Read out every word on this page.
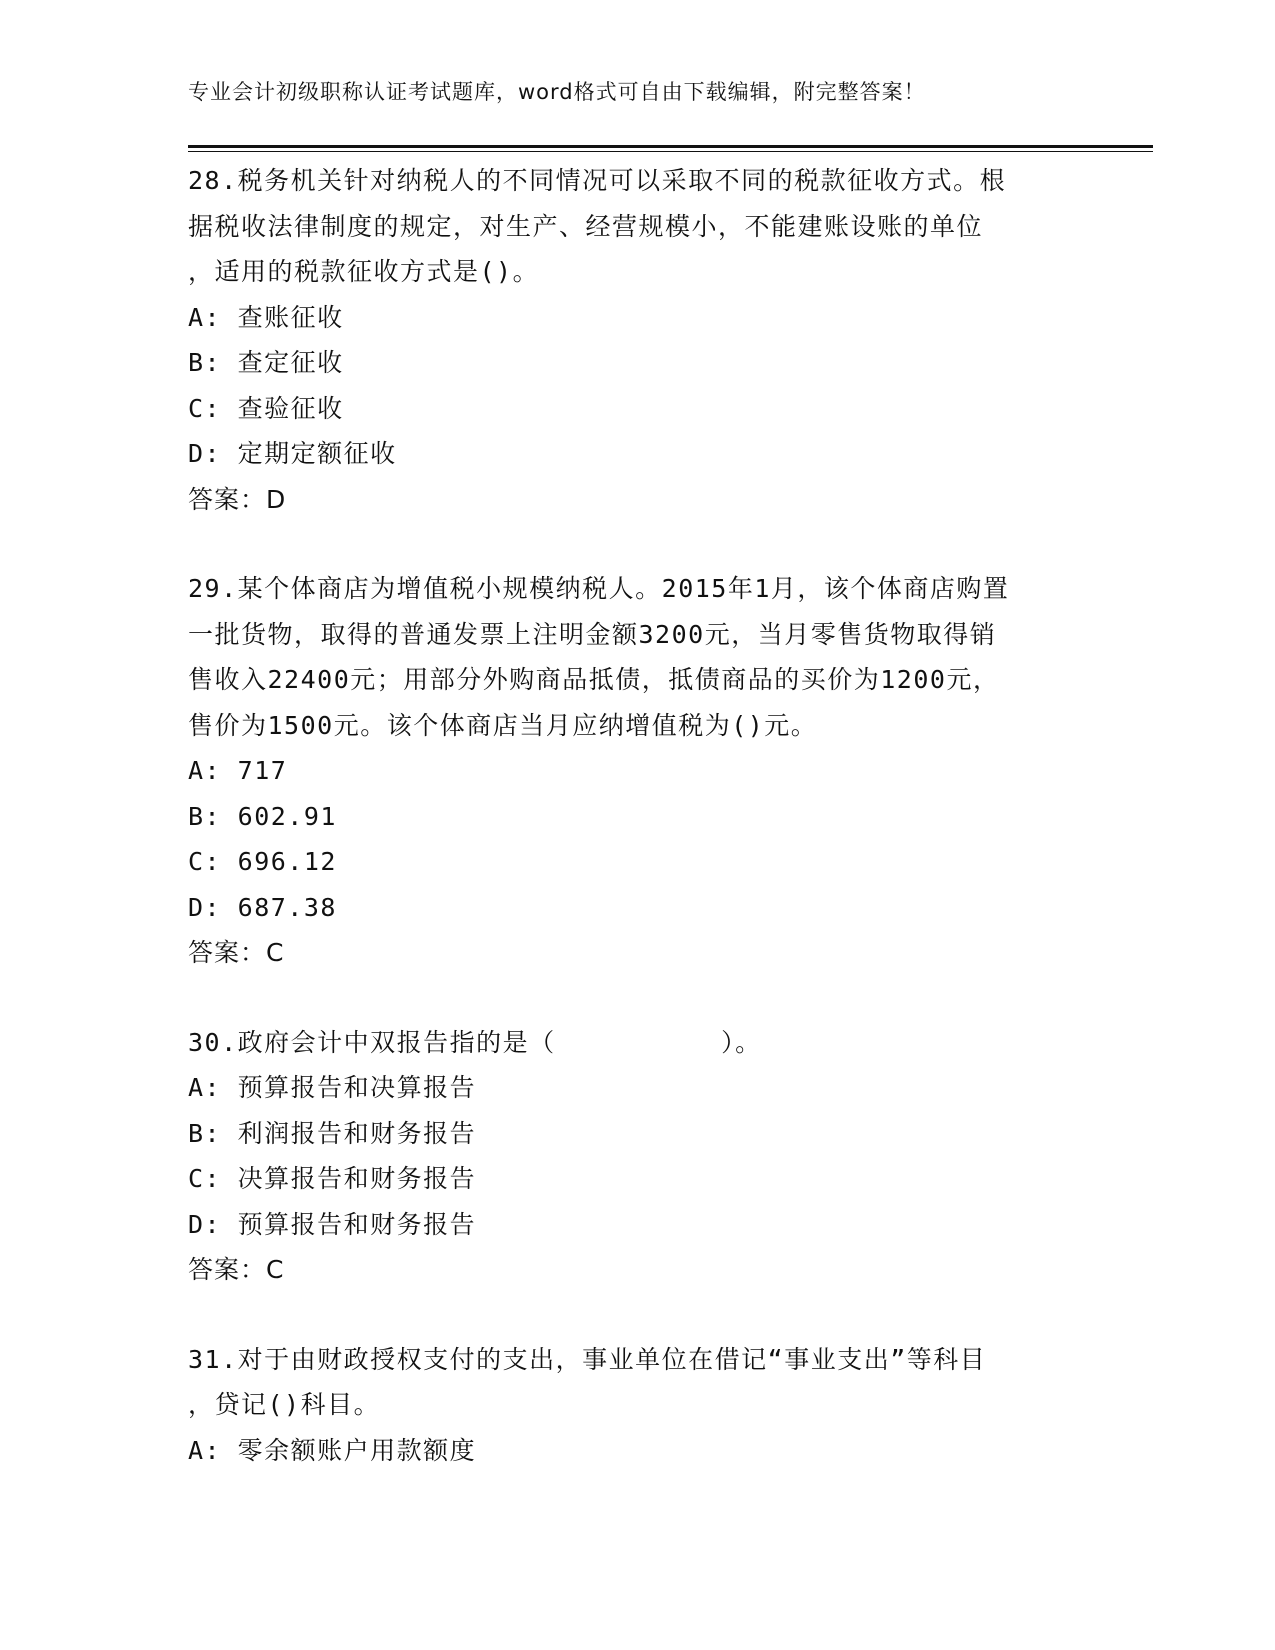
专业会计初级职称认证考试题库，word格式可自由下载编辑，附完整答案！
28.税务机关针对纳税人的不同情况可以采取不同的税款征收方式。根
据税收法律制度的规定，对生产、经营规模小，不能建账设账的单位
，适用的税款征收方式是()。
A: 查账征收
B: 查定征收
C: 查验征收
D: 定期定额征收
答案：D
29.某个体商店为增值税小规模纳税人。2015年1月，该个体商店购置
一批货物，取得的普通发票上注明金额3200元，当月零售货物取得销
售收入22400元；用部分外购商品抵债，抵债商品的买价为1200元，
售价为1500元。该个体商店当月应纳增值税为()元。
A: 717
B: 602.91
C: 696.12
D: 687.38
答案：C
30.政府会计中双报告指的是（          ）。
A: 预算报告和决算报告
B: 利润报告和财务报告
C: 决算报告和财务报告
D: 预算报告和财务报告
答案：C
31.对于由财政授权支付的支出，事业单位在借记“事业支出”等科目
，贷记()科目。
A: 零余额账户用款额度
